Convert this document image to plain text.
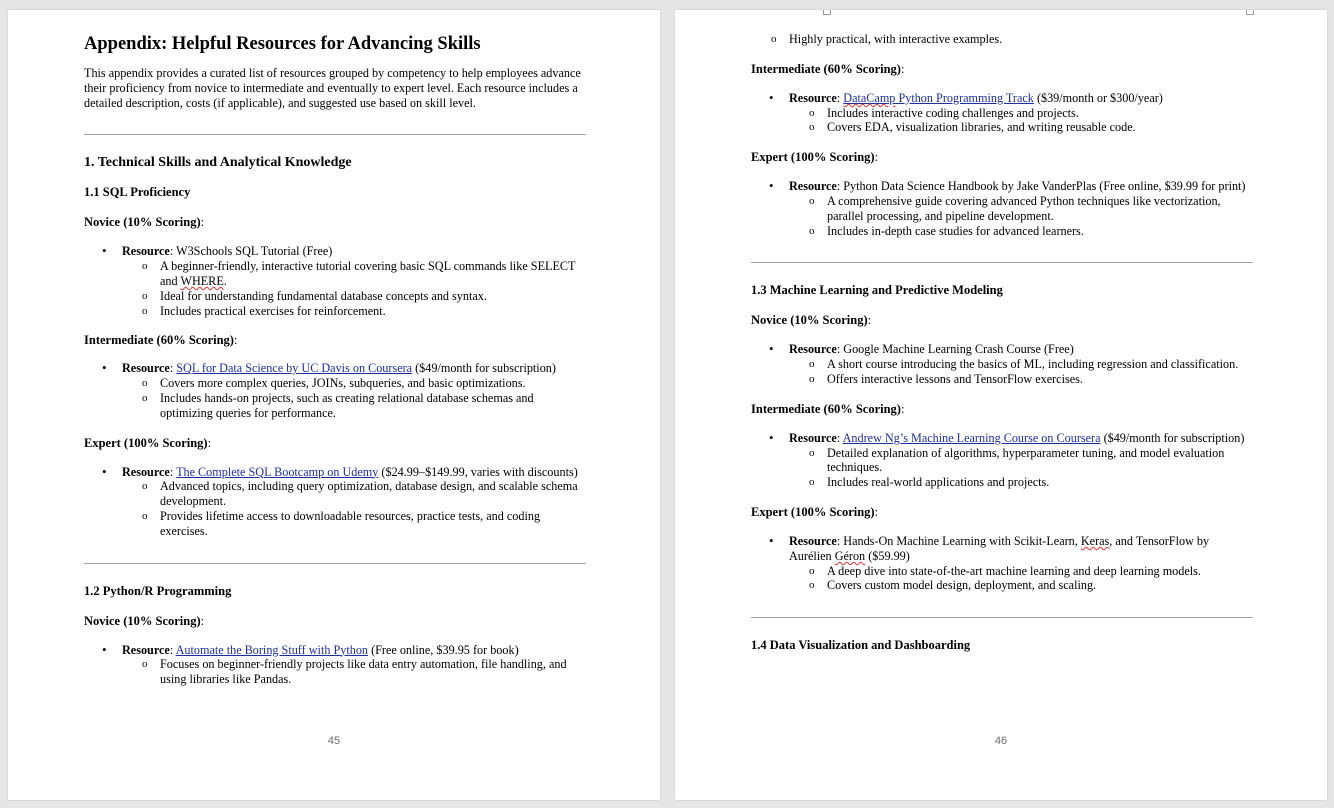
Appendix: Helpful Resources for Advancing Skills

This appendix provides a curated list of resources grouped by competency to help employees advance their proficiency from novice to intermediate and eventually to expert level. Each resource includes a detailed description, costs (if applicable), and suggested use based on skill level.

1. Technical Skills and Analytical Knowledge
1.1 SQL Proficiency

Novice (10% Scoring):

• Resource: W3Schools SQL Tutorial (Free)
o A beginner-friendly, interactive tutorial covering basic SQL commands like SELECT and WHERE.
o Ideal for understanding fundamental database concepts and syntax.
o Includes practical exercises for reinforcement.

Intermediate (60% Scoring):

• Resource: SQL for Data Science by UC Davis on Coursera ($49/month for subscription)
o Covers more complex queries, JOINs, subqueries, and basic optimizations.
o Includes hands-on projects, such as creating relational database schemas and optimizing queries for performance.

Expert (100% Scoring):

• Resource: The Complete SQL Bootcamp on Udemy ($24.99–$149.99, varies with discounts)
o Advanced topics, including query optimization, database design, and scalable schema development.
o Provides lifetime access to downloadable resources, practice tests, and coding exercises.
1.2 Python/R Programming

Novice (10% Scoring):

• Resource: Automate the Boring Stuff with Python (Free online, $39.95 for book)
o Focuses on beginner-friendly projects like data entry automation, file handling, and using libraries like Pandas.
45
o Highly practical, with interactive examples.

Intermediate (60% Scoring):

• Resource: DataCamp Python Programming Track ($39/month or $300/year)
o Includes interactive coding challenges and projects.
o Covers EDA, visualization libraries, and writing reusable code.

Expert (100% Scoring):

• Resource: Python Data Science Handbook by Jake VanderPlas (Free online, $39.99 for print)
o A comprehensive guide covering advanced Python techniques like vectorization, parallel processing, and pipeline development.
o Includes in-depth case studies for advanced learners.
1.3 Machine Learning and Predictive Modeling

Novice (10% Scoring):

• Resource: Google Machine Learning Crash Course (Free)
o A short course introducing the basics of ML, including regression and classification.
o Offers interactive lessons and TensorFlow exercises.

Intermediate (60% Scoring):

• Resource: Andrew Ng’s Machine Learning Course on Coursera ($49/month for subscription)
o Detailed explanation of algorithms, hyperparameter tuning, and model evaluation techniques.
o Includes real-world applications and projects.

Expert (100% Scoring):

• Resource: Hands-On Machine Learning with Scikit-Learn, Keras, and TensorFlow by Aurélien Géron ($59.99)
o A deep dive into state-of-the-art machine learning and deep learning models.
o Covers custom model design, deployment, and scaling.
1.4 Data Visualization and Dashboarding
46
